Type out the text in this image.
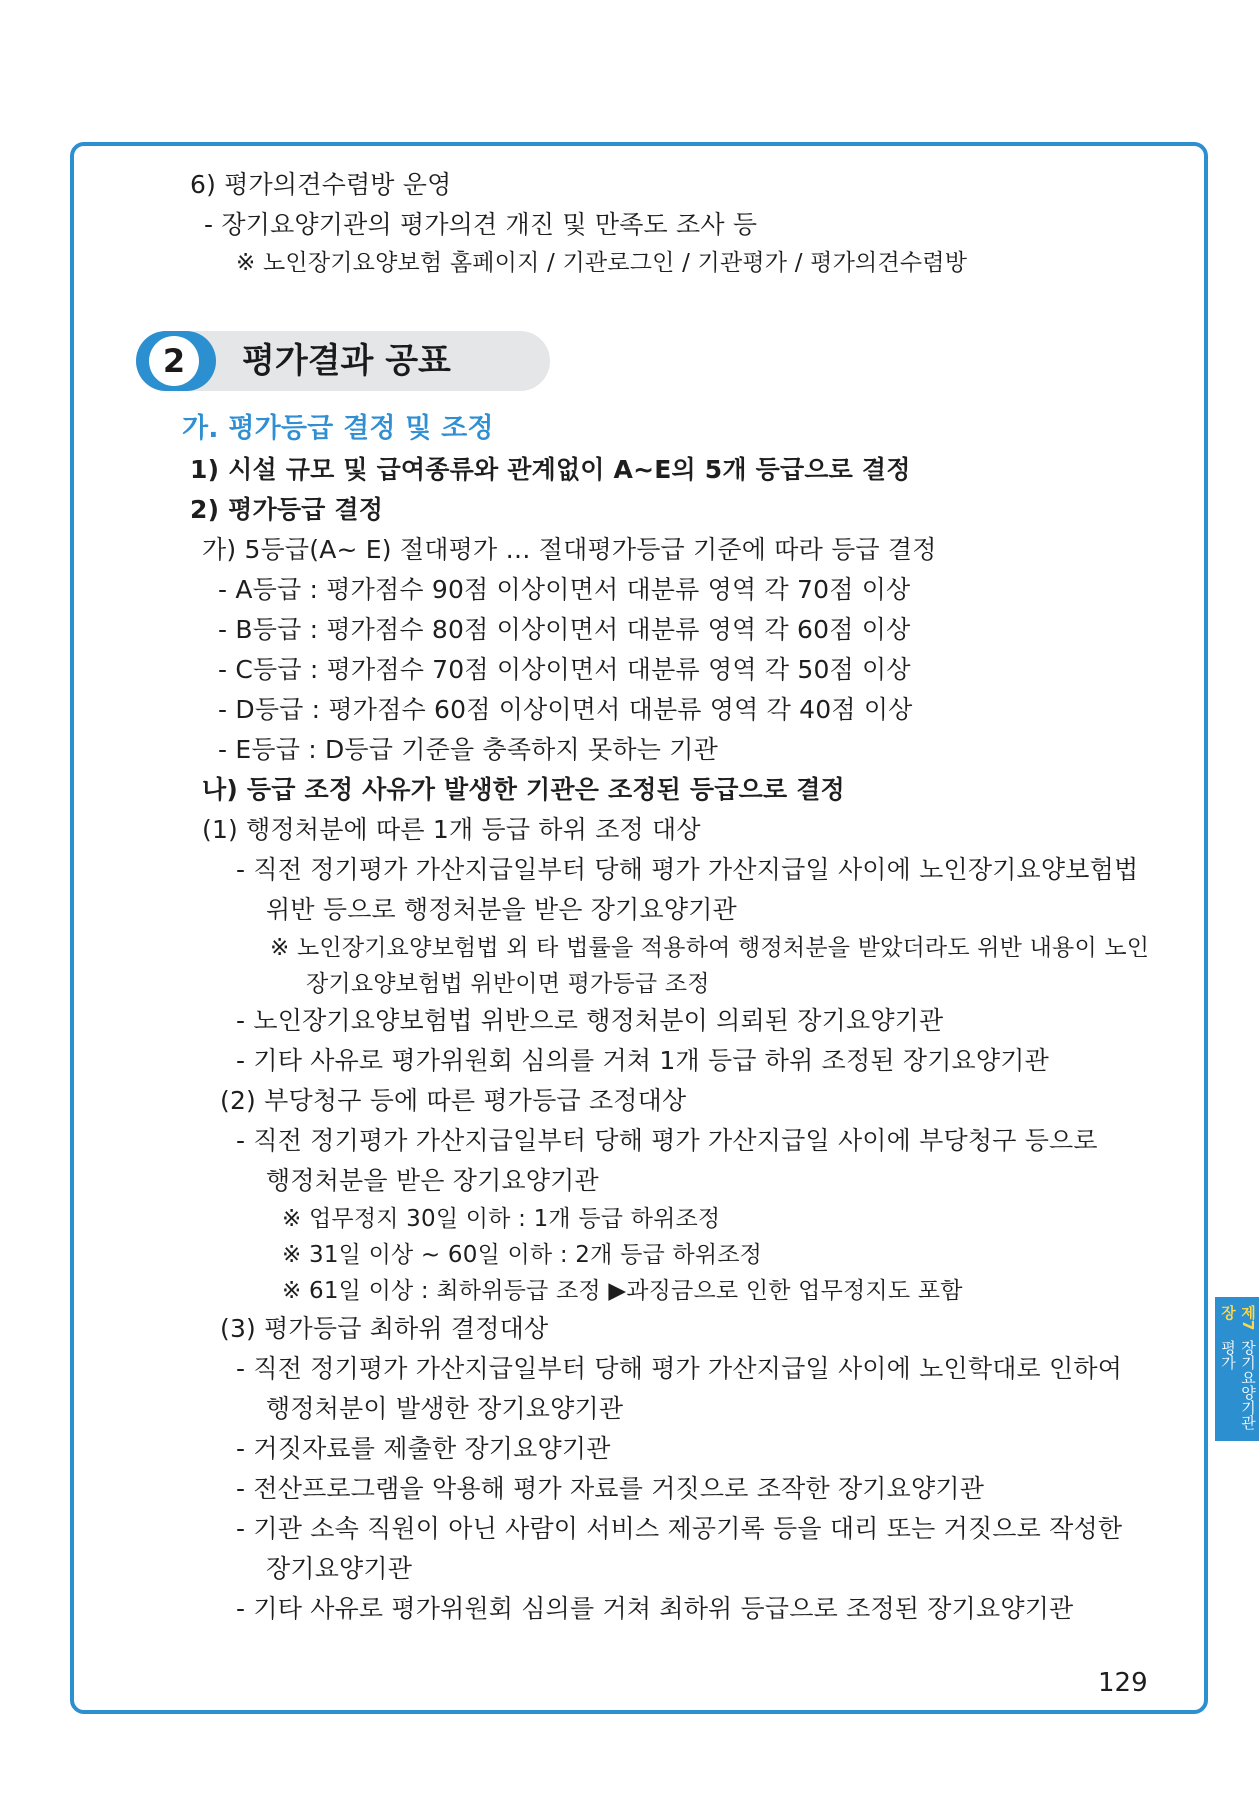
6) 평가의견수렴방 운영
- 장기요양기관의 평가의견 개진 및 만족도 조사 등
※ 노인장기요양보험 홈페이지 / 기관로그인 / 기관평가 / 평가의견수렴방
2	평가결과 공표
가. 평가등급 결정 및 조정
1) 시설 규모 및 급여종류와 관계없이 A~E의 5개 등급으로 결정
2) 평가등급 결정
가) 5등급(A~ E) 절대평가 … 절대평가등급 기준에 따라 등급 결정
- A등급 : 평가점수 90점 이상이면서 대분류 영역 각 70점 이상
- B등급 : 평가점수 80점 이상이면서 대분류 영역 각 60점 이상
- C등급 : 평가점수 70점 이상이면서 대분류 영역 각 50점 이상
- D등급 : 평가점수 60점 이상이면서 대분류 영역 각 40점 이상
- E등급 : D등급 기준을 충족하지 못하는 기관
나) 등급 조정 사유가 발생한 기관은 조정된 등급으로 결정
(1) 행정처분에 따른 1개 등급 하위 조정 대상
- 직전 정기평가 가산지급일부터 당해 평가 가산지급일 사이에 노인장기요양보험법
위반 등으로 행정처분을 받은 장기요양기관
※ 노인장기요양보험법 외 타 법률을 적용하여 행정처분을 받았더라도 위반 내용이 노인
장기요양보험법 위반이면 평가등급 조정
- 노인장기요양보험법 위반으로 행정처분이 의뢰된 장기요양기관
- 기타 사유로 평가위원회 심의를 거쳐 1개 등급 하위 조정된 장기요양기관
(2) 부당청구 등에 따른 평가등급 조정대상
- 직전 정기평가 가산지급일부터 당해 평가 가산지급일 사이에 부당청구 등으로
행정처분을 받은 장기요양기관
※ 업무정지 30일 이하 : 1개 등급 하위조정
※ 31일 이상 ~ 60일 이하 : 2개 등급 하위조정
※ 61일 이상 : 최하위등급 조정 ▶과징금으로 인한 업무정지도 포함
(3) 평가등급 최하위 결정대상
- 직전 정기평가 가산지급일부터 당해 평가 가산지급일 사이에 노인학대로 인하여
행정처분이 발생한 장기요양기관
- 거짓자료를 제출한 장기요양기관
- 전산프로그램을 악용해 평가 자료를 거짓으로 조작한 장기요양기관
- 기관 소속 직원이 아닌 사람이 서비스 제공기록 등을 대리 또는 거짓으로 작성한
장기요양기관
- 기타 사유로 평가위원회 심의를 거쳐 최하위 등급으로 조정된 장기요양기관
제7장
장기요양기관 평가
129
